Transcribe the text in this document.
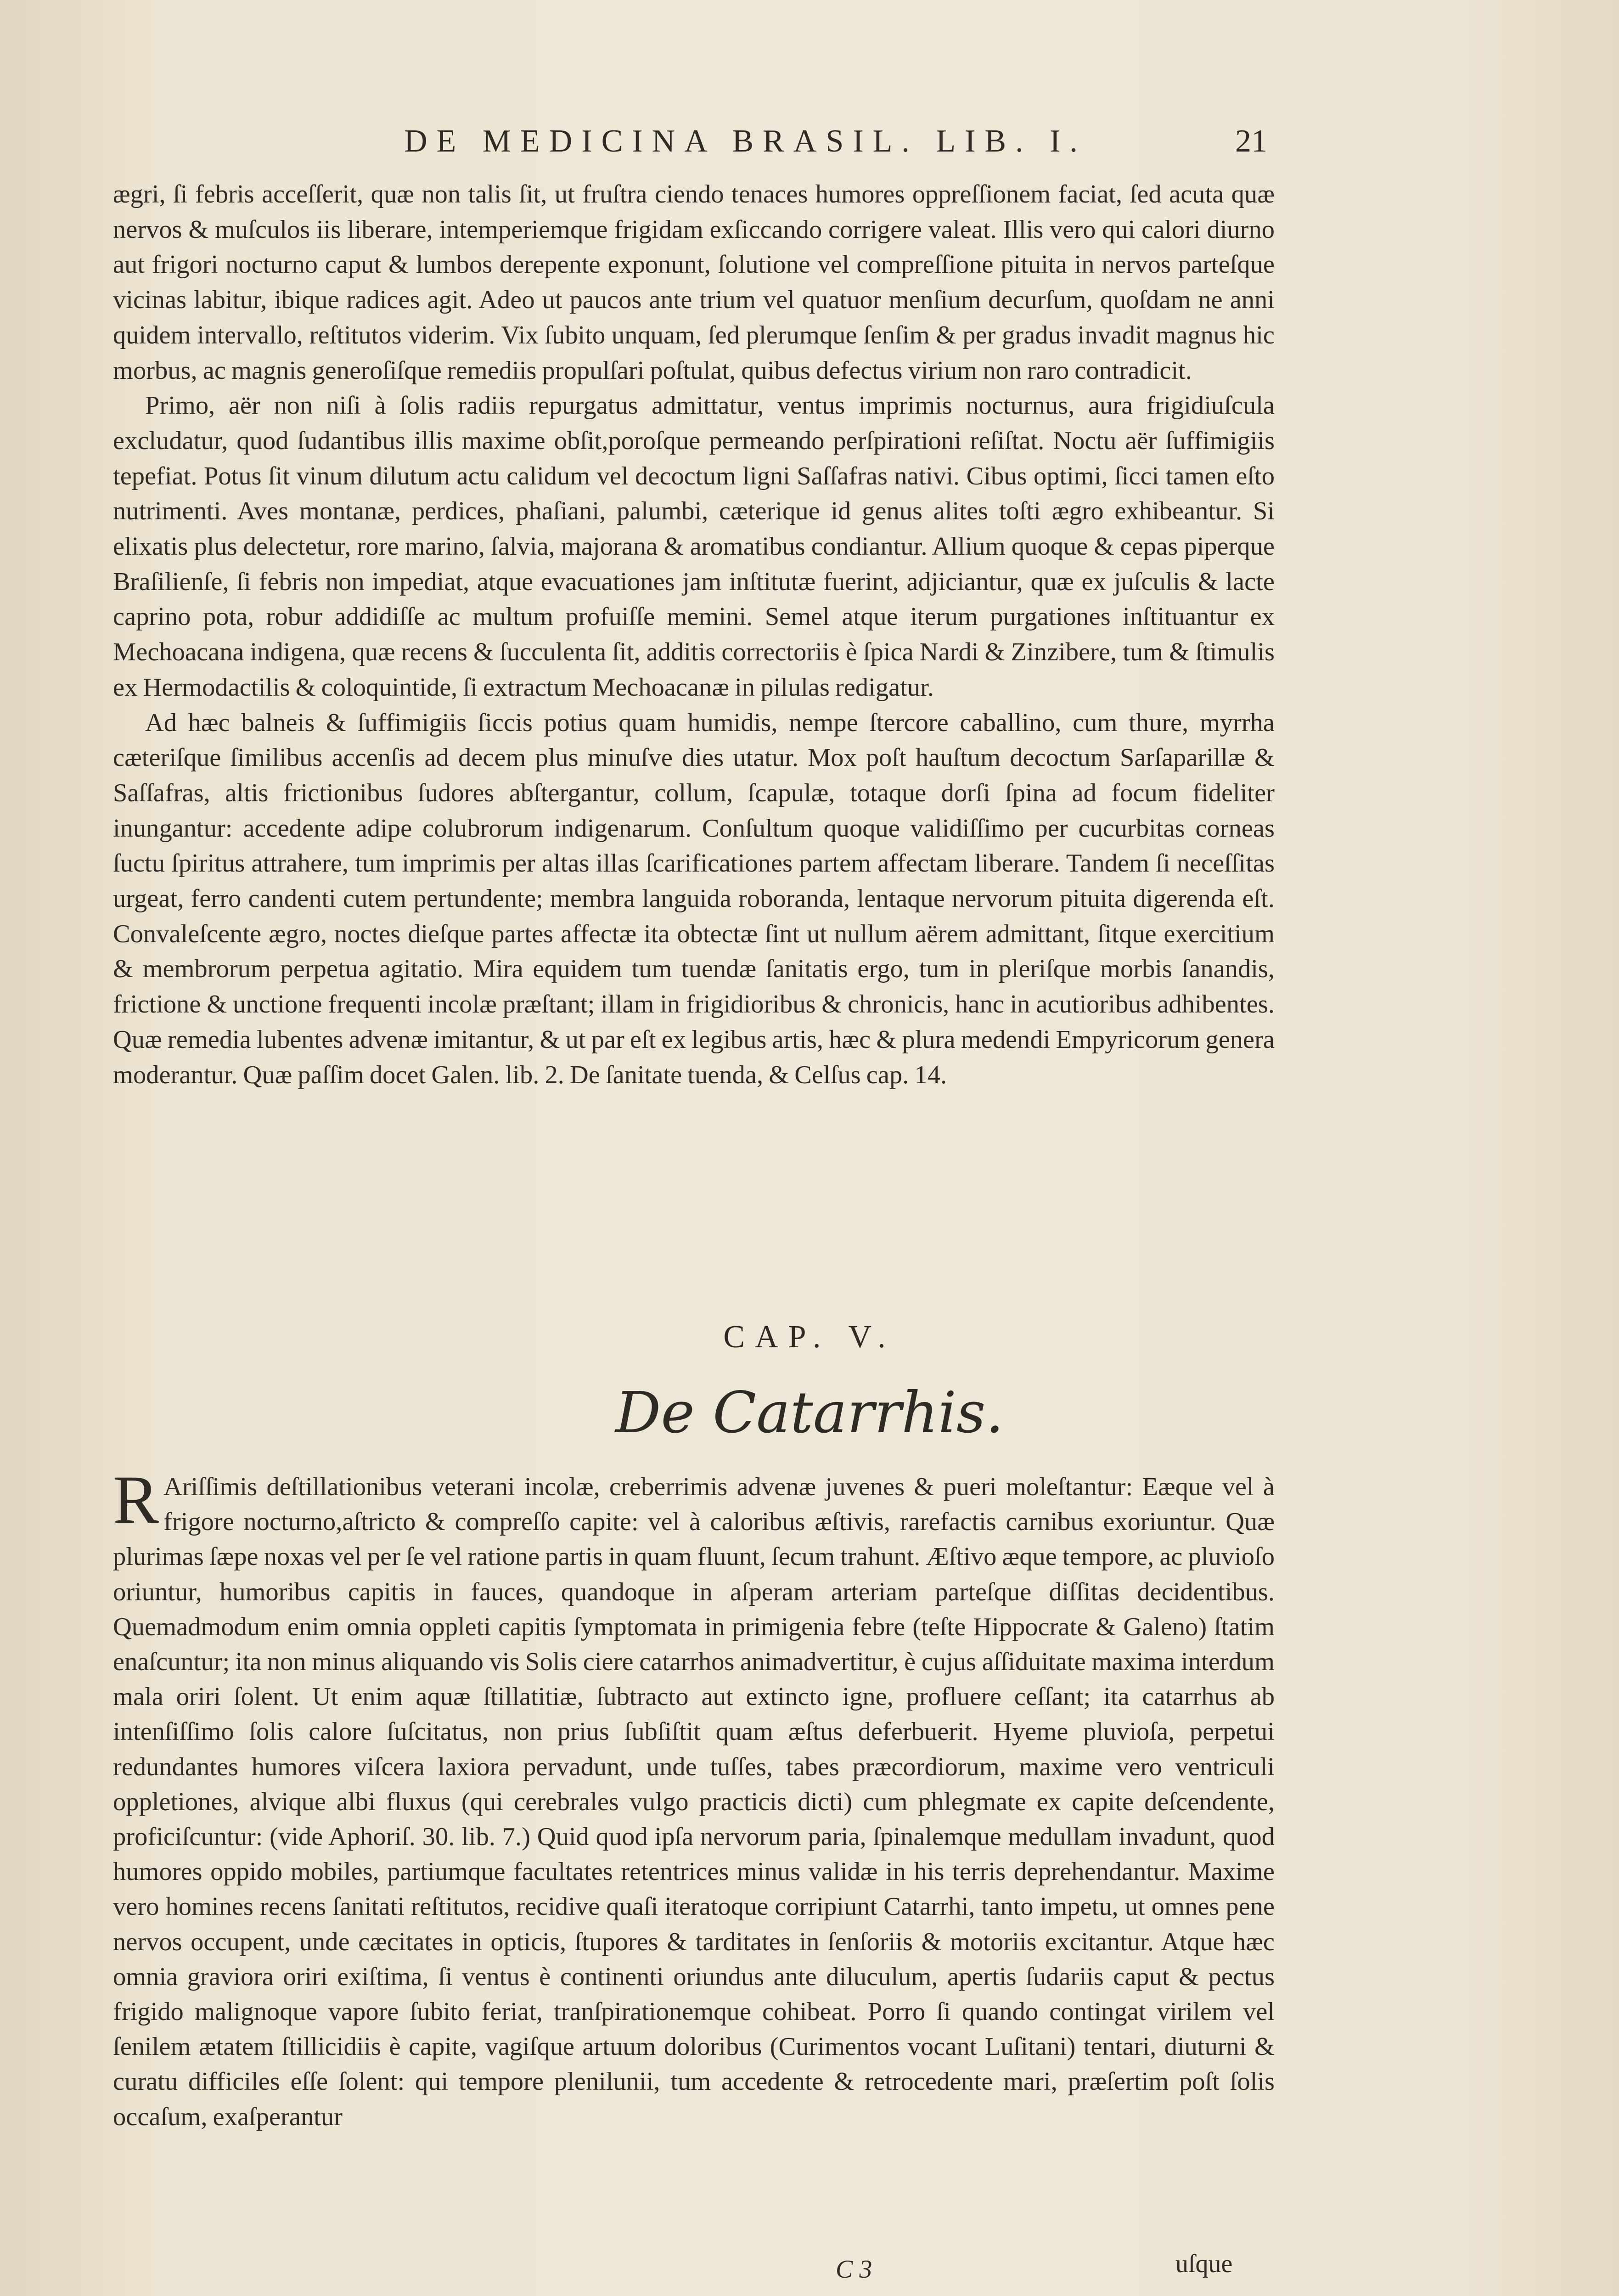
DE MEDICINA BRASIL. LIB. I.	21

ægri, ſi febris acceſſerit, quæ non talis ſit, ut fruſtra ciendo tenaces humores oppreſſionem faciat, ſed acuta quæ nervos & muſculos iis liberare, intemperiemque frigidam exſiccando corrigere valeat. Illis vero qui calori diurno aut frigori nocturno caput & lumbos derepente exponunt, ſolutione vel compreſſione pituita in nervos parteſque vicinas labitur, ibique radices agit. Adeo ut paucos ante trium vel quatuor menſium decurſum, quoſdam ne anni quidem intervallo, reſtitutos viderim. Vix ſubito unquam, ſed plerumque ſenſim & per gradus invadit magnus hic morbus, ac magnis generoſiſque remediis propulſari poſtulat, quibus defectus virium non raro contradicit.

Primo, aër non niſi à ſolis radiis repurgatus admittatur, ventus imprimis nocturnus, aura frigidiuſcula excludatur, quod ſudantibus illis maxime obſit,poroſque permeando perſpirationi reſiſtat. Noctu aër ſuffimigiis tepefiat. Potus ſit vinum dilutum actu calidum vel decoctum ligni Saſſafras nativi. Cibus optimi, ſicci tamen eſto nutrimenti. Aves montanæ, perdices, phaſiani, palumbi, cæterique id genus alites toſti ægro exhibeantur. Si elixatis plus delectetur, rore marino, ſalvia, majorana & aromatibus condiantur. Allium quoque & cepas piperque Braſilienſe, ſi febris non impediat, atque evacuationes jam inſtitutæ fuerint, adjiciantur, quæ ex juſculis & lacte caprino pota, robur addidiſſe ac multum profuiſſe memini. Semel atque iterum purgationes inſtituantur ex Mechoacana indigena, quæ recens & ſucculenta ſit, additis correctoriis è ſpica Nardi & Zinzibere, tum & ſtimulis ex Hermodactilis & coloquintide, ſi extractum Mechoacanæ in pilulas redigatur.

Ad hæc balneis & ſuffimigiis ſiccis potius quam humidis, nempe ſtercore caballino, cum thure, myrrha cæteriſque ſimilibus accenſis ad decem plus minuſve dies utatur. Mox poſt hauſtum decoctum Sarſaparillæ & Saſſafras, altis frictionibus ſudores abſtergantur, collum, ſcapulæ, totaque dorſi ſpina ad focum fideliter inungantur: accedente adipe colubrorum indigenarum. Conſultum quoque validiſſimo per cucurbitas corneas ſuctu ſpiritus attrahere, tum imprimis per altas illas ſcarificationes partem affectam liberare. Tandem ſi neceſſitas urgeat, ferro candenti cutem pertundente; membra languida roboranda, lentaque nervorum pituita digerenda eſt. Convaleſcente ægro, noctes dieſque partes affectæ ita obtectæ ſint ut nullum aërem admittant, ſitque exercitium & membrorum perpetua agitatio. Mira equidem tum tuendæ ſanitatis ergo, tum in pleriſque morbis ſanandis, frictione & unctione frequenti incolæ præſtant; illam in frigidioribus & chronicis, hanc in acutioribus adhibentes. Quæ remedia lubentes advenæ imitantur, & ut par eſt ex legibus artis, hæc & plura medendi Empyricorum genera moderantur. Quæ paſſim docet Galen. lib. 2. De ſanitate tuenda, & Celſus cap. 14.

CAP. V.
De Catarrhis.
R Ariſſimis deſtillationibus veterani incolæ, creberrimis advenæ juvenes & pueri moleſtantur: Eæque vel à frigore nocturno,aſtricto & compreſſo capite: vel à caloribus æſtivis, rarefactis carnibus exoriuntur. Quæ plurimas ſæpe noxas vel per ſe vel ratione partis in quam fluunt, ſecum trahunt. Æſtivo æque tempore, ac pluvioſo oriuntur, humoribus capitis in fauces, quandoque in aſperam arteriam parteſque diſſitas decidentibus. Quemadmodum enim omnia oppleti capitis ſymptomata in primigenia febre (teſte Hippocrate & Galeno) ſtatim enaſcuntur; ita non minus aliquando vis Solis ciere catarrhos animadvertitur, è cujus aſſiduitate maxima interdum mala oriri ſolent. Ut enim aquæ ſtillatitiæ, ſubtracto aut extincto igne, profluere ceſſant; ita catarrhus ab intenſiſſimo ſolis calore ſuſcitatus, non prius ſubſiſtit quam æſtus deferbuerit. Hyeme pluvioſa, perpetui redundantes humores viſcera laxiora pervadunt, unde tuſſes, tabes præcordiorum, maxime vero ventriculi oppletiones, alvique albi fluxus (qui cerebrales vulgo practicis dicti) cum phlegmate ex capite deſcendente, proficiſcuntur: (vide Aphoriſ. 30. lib. 7.) Quid quod ipſa nervorum paria, ſpinalemque medullam invadunt, quod humores oppido mobiles, partiumque facultates retentrices minus validæ in his terris deprehendantur. Maxime vero homines recens ſanitati reſtitutos, recidive quaſi iteratoque corripiunt Catarrhi, tanto impetu, ut omnes pene nervos occupent, unde cæcitates in opticis, ſtupores & tarditates in ſenſoriis & motoriis excitantur. Atque hæc omnia graviora oriri exiſtima, ſi ventus è continenti oriundus ante diluculum, apertis ſudariis caput & pectus frigido malignoque vapore ſubito feriat, tranſpirationemque cohibeat. Porro ſi quando contingat virilem vel ſenilem ætatem ſtillicidiis è capite, vagiſque artuum doloribus (Curimentos vocant Luſitani) tentari, diuturni & curatu difficiles eſſe ſolent: qui tempore plenilunii, tum accedente & retrocedente mari, præſertim poſt ſolis occaſum, exaſperantur
C 3	uſque
